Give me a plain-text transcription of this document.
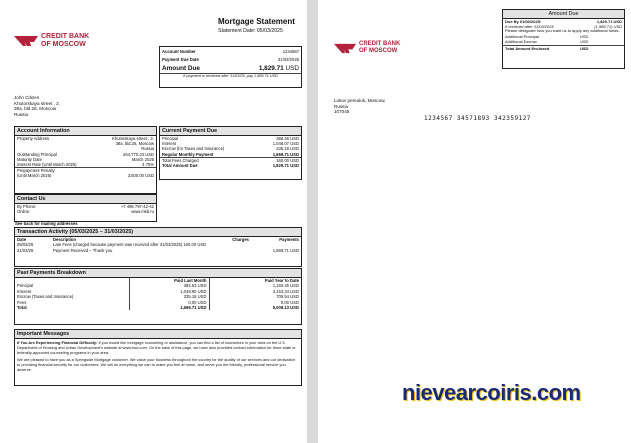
CREDIT BANK
OF MOSCOW
Mortgage Statement
Statement Date: 05/03/2025
Account Number	1234567
Payment Due Date	31/03/2025
Amount Due	1,829.71 USD
If payment is received after 31/03/25, pay 1,989.71 USD
John Citizen
Khutorskaya street , 2,
38a, bld.26, Moscow
Russia
Account Information
Property Address	Khutorskaya street , 2,
38a, bld.26, Moscow
Russia
Outstanding Principal	264,770.43 USD
Maturity Date	March 2025
Interest Rate (Until March 2025)	4.75%
Prepayment Penalty
(Until March 2025)	3,500.00 USD
Current Payment Due
Principal	386.46 USD
Interest	1,048.07 USD
Escrow (for Taxes and Insurance)	235.18 USD
Regular Monthly Payment	1,669.71 USD
Total Fees Charged	160.00 USD
Total Amount Due	1,829.71 USD
Contact Us
By Phone:	+7 495 797-42-42
Online:	www.mkb.ru
See back for mailing addresses
Transaction Activity (05/03/2025 – 31/03/2025)
Date	Description	Charges	Payments
05/03/25	Late Fees (charged because payment was received after 31/03/2025) 160.00 USD		
31/03/25	Payment Received – Thank you		1,669.71 USD
Past Payments Breakdown
	Paid Last Month	Paid Year to Date
Principal	384.63 USD	1,150.25 USD
Interest	1,049.90 USD	3,153.34 USD
Escrow (Taxes and Insurance)	235.18 USD	705.54 USD
Fees	0.00 USD	0.00 USD
Total	1,669.71 USD	5,009.13 USD
Important Messages
If You Are Experiencing Financial Difficulty: If you would like mortgage counseling or assistance, you can find a list of counselors in your area on the U.S. Department of Housing and Urban Development's website at www.hud.com. On the back of this page, we have also provided contact information for three state or federally-approved counseling programs in your area.
We are pleased to have you as a Springside Mortgage customer. We value your business throughout the country for the quality of our services and our dedication to providing financial security for our customers. We will do everything we can to make you feel at home, and serve you the friendly, professional service you deserve.
Amount Due
Due By 01/03/2025:	1,829.71 USD
If received after 31/03/2025	(1,989.71) USD
Please designate how you want us to apply any additional funds.
Additional Principal	USD
Additional Escrow	USD
Total Amount Enclosed	USD
CREDIT BANK
OF MOSCOW
Lukov pereulok, Moscow,
Russia
107045
1234567 34571893 342359127
nievearcoiris.com
